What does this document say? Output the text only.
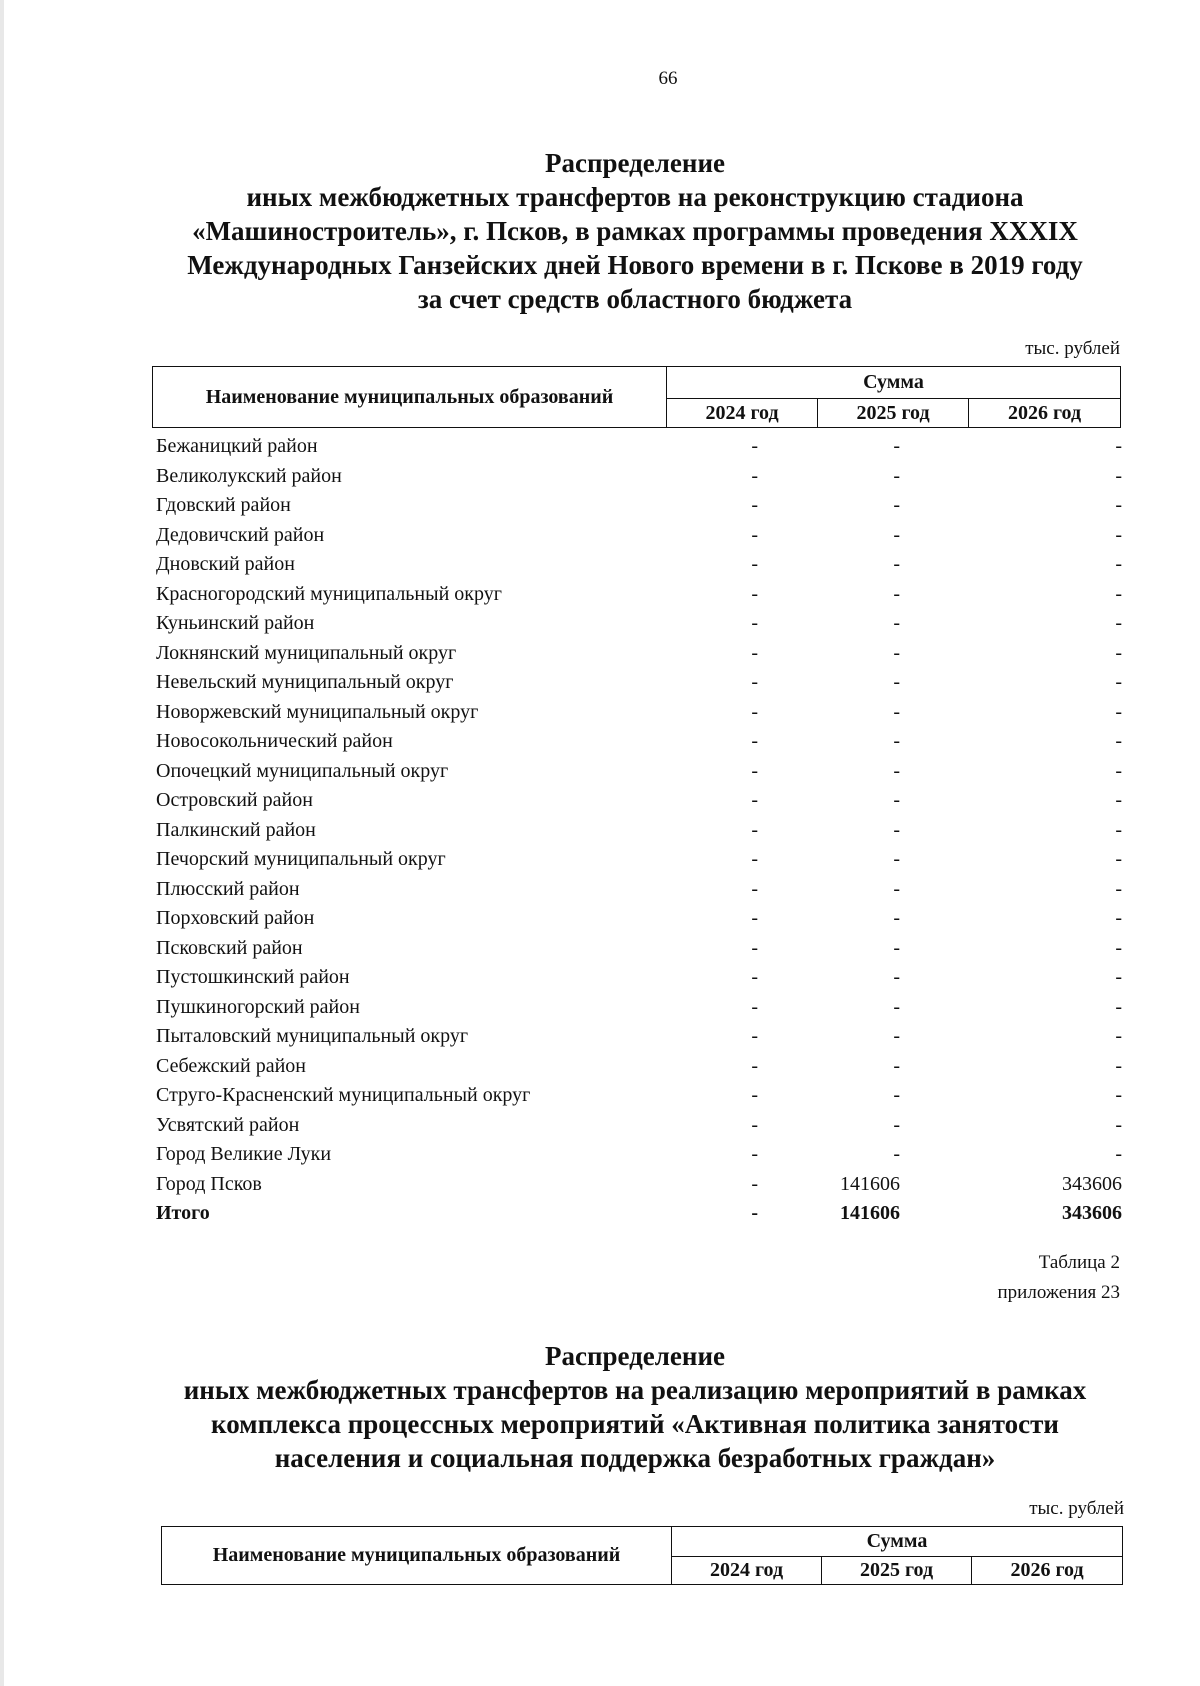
66
Распределение
иных межбюджетных трансфертов на реконструкцию стадиона
«Машиностроитель», г. Псков, в рамках программы проведения XXXIX
Международных Ганзейских дней Нового времени в г. Пскове в 2019 году
за счет средств областного бюджета
тыс. рублей
Наименование муниципальных образований	Сумма		
	2024 год	2025 год	2026 год
Бежаницкий район	-	-	-
Великолукский район	-	-	-
Гдовский район	-	-	-
Дедовичский район	-	-	-
Дновский район	-	-	-
Красногородский муниципальный округ	-	-	-
Куньинский район	-	-	-
Локнянский муниципальный округ	-	-	-
Невельский муниципальный округ	-	-	-
Новоржевский муниципальный округ	-	-	-
Новосокольнический район	-	-	-
Опочецкий муниципальный округ	-	-	-
Островский район	-	-	-
Палкинский район	-	-	-
Печорский муниципальный округ	-	-	-
Плюсский район	-	-	-
Порховский район	-	-	-
Псковский район	-	-	-
Пустошкинский район	-	-	-
Пушкиногорский район	-	-	-
Пыталовский муниципальный округ	-	-	-
Себежский район	-	-	-
Струго-Красненский муниципальный округ	-	-	-
Усвятский район	-	-	-
Город Великие Луки	-	-	-
Город Псков	-	141606	343606
Итого	-	141606	343606
Таблица 2
приложения 23
Распределение
иных межбюджетных трансфертов на реализацию мероприятий в рамках
комплекса процессных мероприятий «Активная политика занятости
населения и социальная поддержка безработных граждан»
тыс. рублей
Наименование муниципальных образований	Сумма		
	2024 год	2025 год	2026 год
